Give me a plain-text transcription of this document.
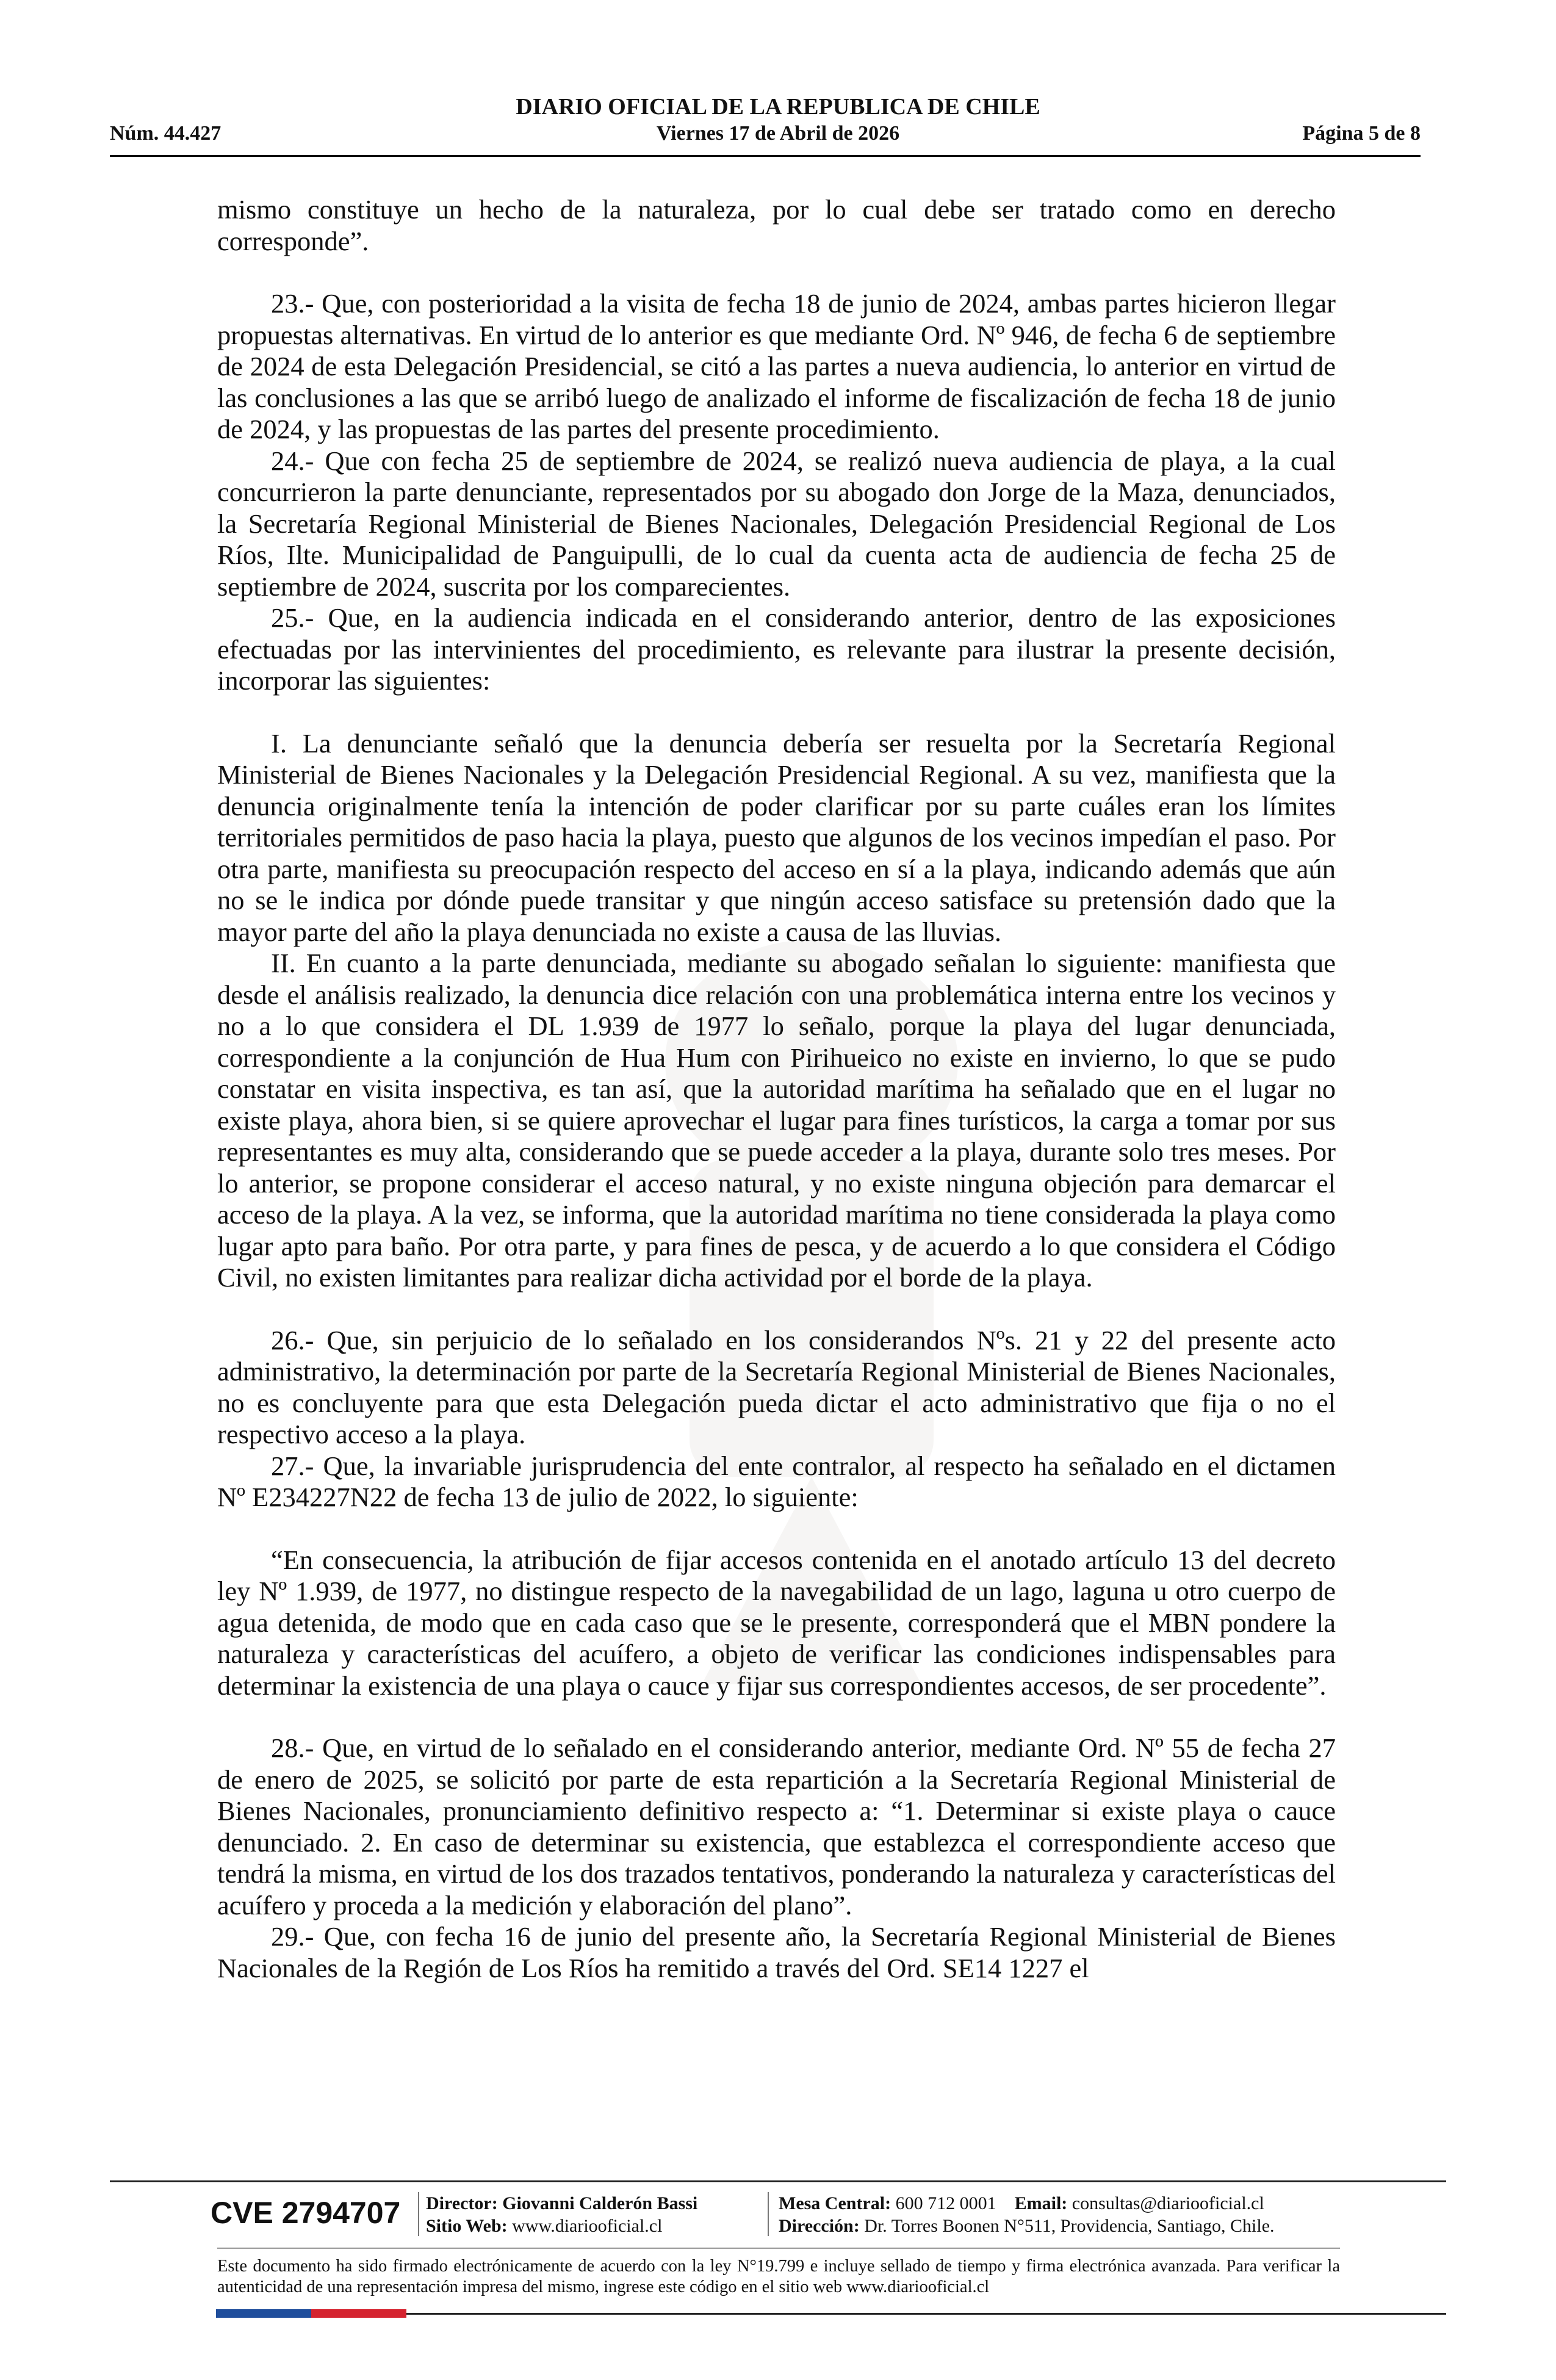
DIARIO OFICIAL DE LA REPUBLICA DE CHILE
Núm. 44.427	Viernes 17 de Abril de 2026	Página 5 de 8

mismo constituye un hecho de la naturaleza, por lo cual debe ser tratado como en derecho corresponde”.

23.- Que, con posterioridad a la visita de fecha 18 de junio de 2024, ambas partes hicieron llegar propuestas alternativas. En virtud de lo anterior es que mediante Ord. Nº 946, de fecha 6 de septiembre de 2024 de esta Delegación Presidencial, se citó a las partes a nueva audiencia, lo anterior en virtud de las conclusiones a las que se arribó luego de analizado el informe de fiscalización de fecha 18 de junio de 2024, y las propuestas de las partes del presente procedimiento.

24.- Que con fecha 25 de septiembre de 2024, se realizó nueva audiencia de playa, a la cual concurrieron la parte denunciante, representados por su abogado don Jorge de la Maza, denunciados, la Secretaría Regional Ministerial de Bienes Nacionales, Delegación Presidencial Regional de Los Ríos, Ilte. Municipalidad de Panguipulli, de lo cual da cuenta acta de audiencia de fecha 25 de septiembre de 2024, suscrita por los comparecientes.

25.- Que, en la audiencia indicada en el considerando anterior, dentro de las exposiciones efectuadas por las intervinientes del procedimiento, es relevante para ilustrar la presente decisión, incorporar las siguientes:

I. La denunciante señaló que la denuncia debería ser resuelta por la Secretaría Regional Ministerial de Bienes Nacionales y la Delegación Presidencial Regional. A su vez, manifiesta que la denuncia originalmente tenía la intención de poder clarificar por su parte cuáles eran los límites territoriales permitidos de paso hacia la playa, puesto que algunos de los vecinos impedían el paso. Por otra parte, manifiesta su preocupación respecto del acceso en sí a la playa, indicando además que aún no se le indica por dónde puede transitar y que ningún acceso satisface su pretensión dado que la mayor parte del año la playa denunciada no existe a causa de las lluvias.

II. En cuanto a la parte denunciada, mediante su abogado señalan lo siguiente: manifiesta que desde el análisis realizado, la denuncia dice relación con una problemática interna entre los vecinos y no a lo que considera el DL 1.939 de 1977 lo señalo, porque la playa del lugar denunciada, correspondiente a la conjunción de Hua Hum con Pirihueico no existe en invierno, lo que se pudo constatar en visita inspectiva, es tan así, que la autoridad marítima ha señalado que en el lugar no existe playa, ahora bien, si se quiere aprovechar el lugar para fines turísticos, la carga a tomar por sus representantes es muy alta, considerando que se puede acceder a la playa, durante solo tres meses. Por lo anterior, se propone considerar el acceso natural, y no existe ninguna objeción para demarcar el acceso de la playa. A la vez, se informa, que la autoridad marítima no tiene considerada la playa como lugar apto para baño. Por otra parte, y para fines de pesca, y de acuerdo a lo que considera el Código Civil, no existen limitantes para realizar dicha actividad por el borde de la playa.

26.- Que, sin perjuicio de lo señalado en los considerandos Nºs. 21 y 22 del presente acto administrativo, la determinación por parte de la Secretaría Regional Ministerial de Bienes Nacionales, no es concluyente para que esta Delegación pueda dictar el acto administrativo que fija o no el respectivo acceso a la playa.

27.- Que, la invariable jurisprudencia del ente contralor, al respecto ha señalado en el dictamen Nº E234227N22 de fecha 13 de julio de 2022, lo siguiente:

“En consecuencia, la atribución de fijar accesos contenida en el anotado artículo 13 del decreto ley Nº 1.939, de 1977, no distingue respecto de la navegabilidad de un lago, laguna u otro cuerpo de agua detenida, de modo que en cada caso que se le presente, corresponderá que el MBN pondere la naturaleza y características del acuífero, a objeto de verificar las condiciones indispensables para determinar la existencia de una playa o cauce y fijar sus correspondientes accesos, de ser procedente”.

28.- Que, en virtud de lo señalado en el considerando anterior, mediante Ord. Nº 55 de fecha 27 de enero de 2025, se solicitó por parte de esta repartición a la Secretaría Regional Ministerial de Bienes Nacionales, pronunciamiento definitivo respecto a: “1. Determinar si existe playa o cauce denunciado. 2. En caso de determinar su existencia, que establezca el correspondiente acceso que tendrá la misma, en virtud de los dos trazados tentativos, ponderando la naturaleza y características del acuífero y proceda a la medición y elaboración del plano”.

29.- Que, con fecha 16 de junio del presente año, la Secretaría Regional Ministerial de Bienes Nacionales de la Región de Los Ríos ha remitido a través del Ord. SE14 1227 el

CVE 2794707 Director: Giovanni Calderón Bassi
Sitio Web: www.diariooficial.cl
Mesa Central: 600 712 0001 Email: consultas@diariooficial.cl
Dirección: Dr. Torres Boonen N°511, Providencia, Santiago, Chile.
Este documento ha sido firmado electrónicamente de acuerdo con la ley N°19.799 e incluye sellado de tiempo y firma electrónica avanzada. Para verificar la autenticidad de una representación impresa del mismo, ingrese este código en el sitio web www.diariooficial.cl
